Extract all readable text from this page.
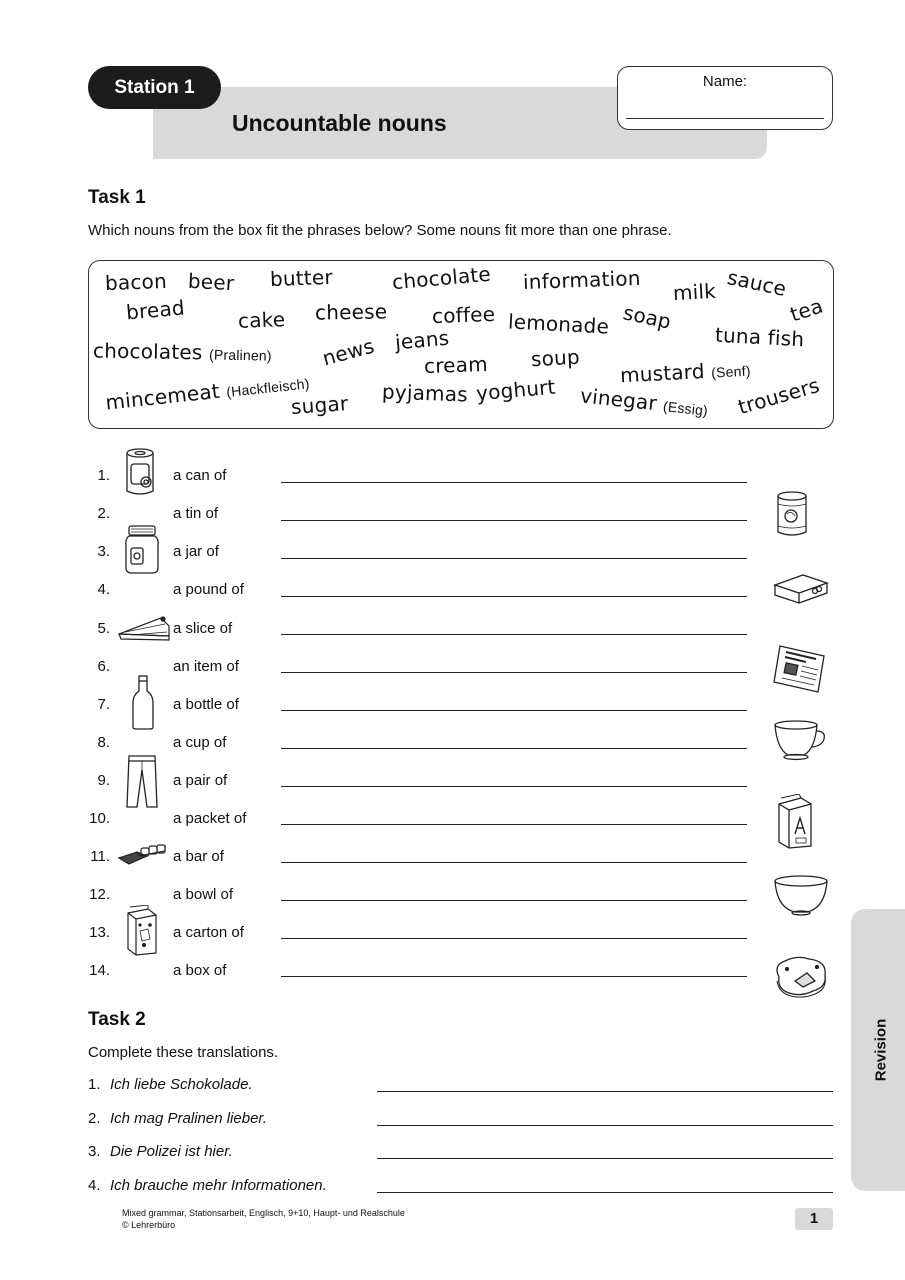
Station 1
Uncountable nouns
Name:
Task 1
Which nouns from the box fit the phrases below? Some nouns fit more than one phrase.
bacon beer butter	chocolate information milk sauce
bread	cake cheese coffee lemonade soap	tea
tuna fish
chocolates (Pralinen) news jeans
cream soup
mustard (Senf)
mincemeat (Hackfleisch)
sugar pyjamas yoghurt vinegar (Essig) trousers
1.	a can of
2.	a tin of
3.	a jar of
4.	a pound of
5.	a slice of
6.	an item of
7.	a bottle of
8.	a cup of
9.	a pair of
10.	a packet of
11.	a bar of
12.	a bowl of
13.	a carton of
14.	a box of
Task 2
Complete these translations.
1. Ich liebe Schokolade.
2. Ich mag Pralinen lieber.
3. Die Polizei ist hier.
4. Ich brauche mehr Informationen.
Revision
Mixed grammar, Stationsarbeit, Englisch, 9+10, Haupt- und Realschule
© Lehrerbüro	1
